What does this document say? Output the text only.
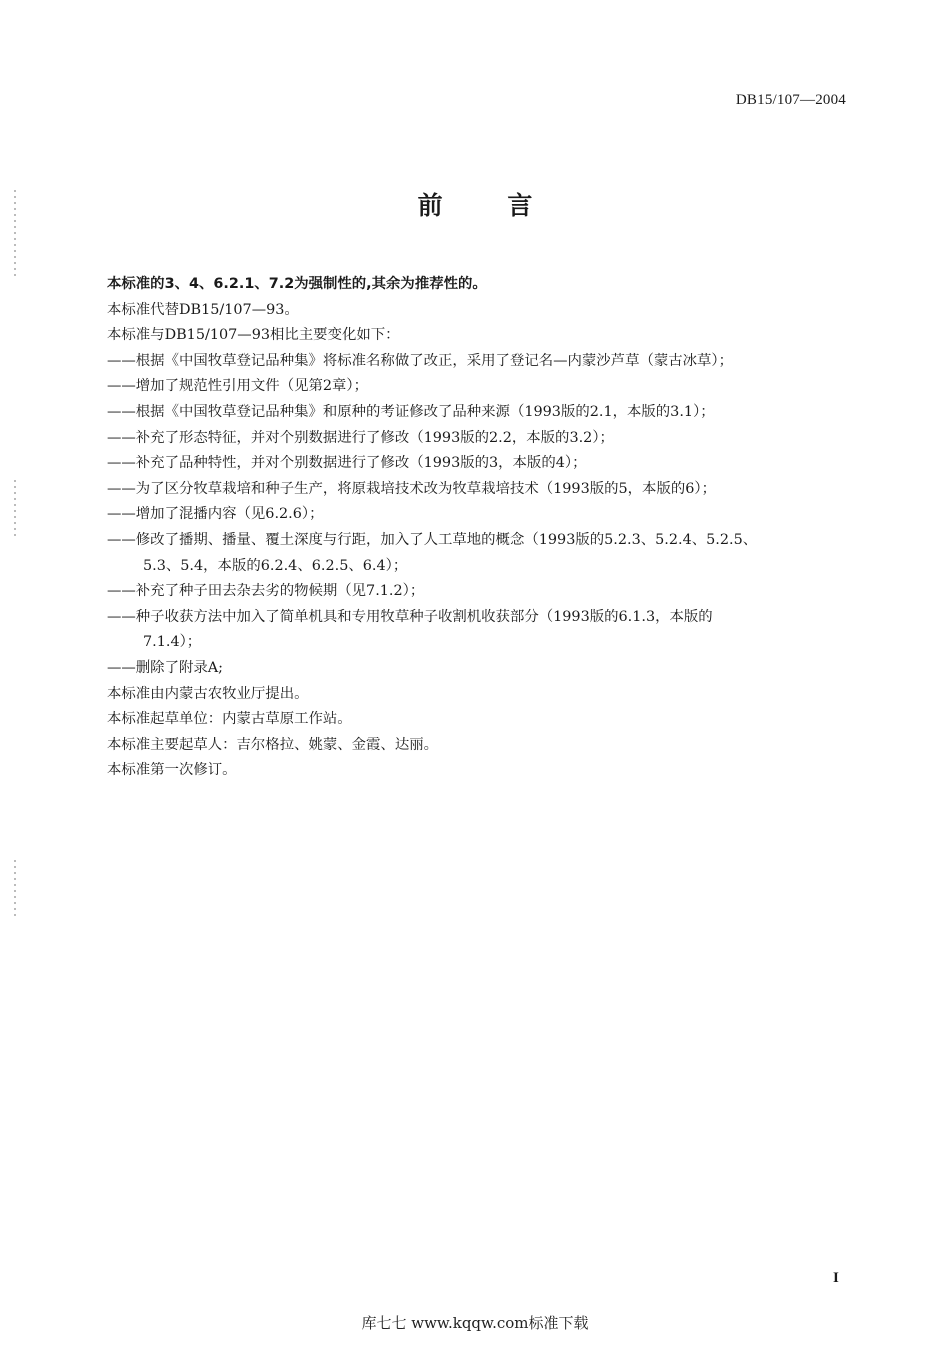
DB15/107—2004
前 言
本标准的3、4、6.2.1、7.2为强制性的,其余为推荐性的。
本标准代替DB15/107—93。
本标准与DB15/107—93相比主要变化如下：
——根据《中国牧草登记品种集》将标准名称做了改正，采用了登记名—内蒙沙芦草（蒙古冰草）；
——增加了规范性引用文件（见第2章）；
——根据《中国牧草登记品种集》和原种的考证修改了品种来源（1993版的2.1，本版的3.1）；
——补充了形态特征，并对个别数据进行了修改（1993版的2.2，本版的3.2）；
——补充了品种特性，并对个别数据进行了修改（1993版的3，本版的4）；
——为了区分牧草栽培和种子生产，将原栽培技术改为牧草栽培技术（1993版的5，本版的6）；
——增加了混播内容（见6.2.6）；
——修改了播期、播量、覆土深度与行距，加入了人工草地的概念（1993版的5.2.3、5.2.4、5.2.5、
5.3、5.4，本版的6.2.4、6.2.5、6.4）；
——补充了种子田去杂去劣的物候期（见7.1.2）；
——种子收获方法中加入了简单机具和专用牧草种子收割机收获部分（1993版的6.1.3，本版的
7.1.4）；
——删除了附录A;
本标准由内蒙古农牧业厅提出。
本标准起草单位：内蒙古草原工作站。
本标准主要起草人：吉尔格拉、姚蒙、金霞、达丽。
本标准第一次修订。
I
库七七 www.kqqw.com标准下载
